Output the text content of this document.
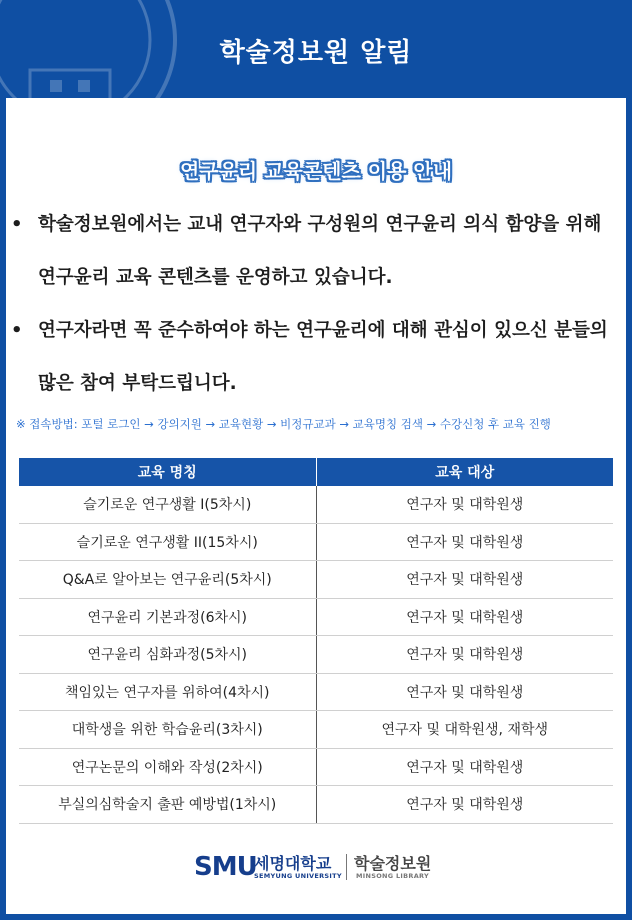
학술정보원 알림
연구윤리 교육콘텐츠 이용 안내
• 학술정보원에서는 교내 연구자와 구성원의 연구윤리 의식 함양을 위해
연구윤리 교육 콘텐츠를 운영하고 있습니다.
• 연구자라면 꼭 준수하여야 하는 연구윤리에 대해 관심이 있으신 분들의
많은 참여 부탁드립니다.
※ 접속방법: 포털 로그인 → 강의지원 → 교육현황 → 비정규교과 → 교육명칭 검색 → 수강신청 후 교육 진행
교육 명칭	교육 대상
슬기로운 연구생활 I(5차시)	연구자 및 대학원생
슬기로운 연구생활 II(15차시)	연구자 및 대학원생
Q&A로 알아보는 연구윤리(5차시)	연구자 및 대학원생
연구윤리 기본과정(6차시)	연구자 및 대학원생
연구윤리 심화과정(5차시)	연구자 및 대학원생
책임있는 연구자를 위하여(4차시)	연구자 및 대학원생
대학생을 위한 학습윤리(3차시)	연구자 및 대학원생, 재학생
연구논문의 이해와 작성(2차시)	연구자 및 대학원생
부실의심학술지 출판 예방법(1차시)	연구자 및 대학원생
SMU
세명대학교
SEMYUNG UNIVERSITY
학술정보원
MINSONG LIBRARY
